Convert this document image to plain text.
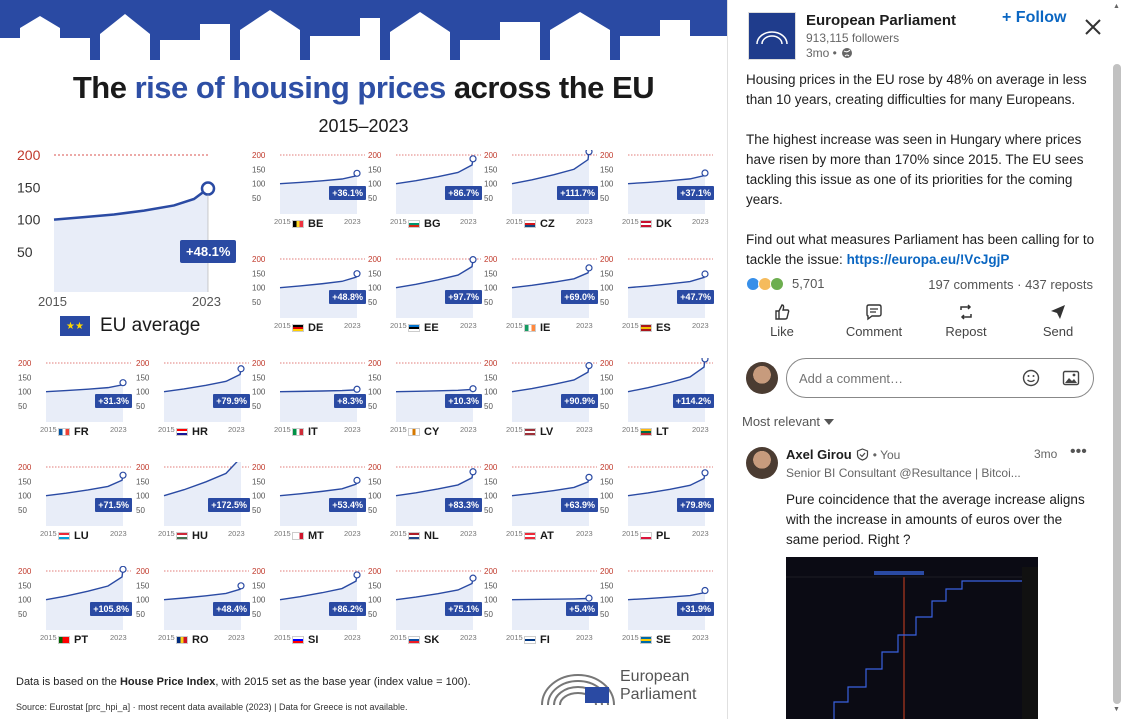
The rise of housing prices across the EU
2015–2023
200
150
100
50
2015	2023
+48.1%
★★ EU average
200
150
100
50
2015	2023
+36.1%
BE
200
150
100
50
2015	2023
+86.7%
BG
200
150
100
50
2015	2023
+111.7%
CZ
200
150
100
50
2015	2023
+37.1%
DK
200
150
100
50
2015	2023
+48.8%
DE
200
150
100
50
2015	2023
+97.7%
EE
200
150
100
50
2015	2023
+69.0%
IE
200
150
100
50
2015	2023
+47.7%
ES
200
150
100
50
2015	2023
+31.3%
FR
200
150
100
50
2015	2023
+79.9%
HR
200
150
100
50
2015	2023
+8.3%
IT
200
150
100
50
2015	2023
+10.3%
CY
200
150
100
50
2015	2023
+90.9%
LV
200
150
100
50
2015	2023
+114.2%
LT
200
150
100
50
2015	2023
+71.5%
LU
200
150
100
50
2015	2023
+172.5%
HU
200
150
100
50
2015	2023
+53.4%
MT
200
150
100
50
2015	2023
+83.3%
NL
200
150
100
50
2015	2023
+63.9%
AT
200
150
100
50
2015	2023
+79.8%
PL
200
150
100
50
2015	2023
+105.8%
PT
200
150
100
50
2015	2023
+48.4%
RO
200
150
100
50
2015	2023
+86.2%
SI
200
150
100
50
2015	2023
+75.1%
SK
200
150
100
50
2015	2023
+5.4%
FI
200
150
100
50
2015	2023
+31.9%
SE
Data is based on the House Price Index, with 2015 set as the base year (index value = 100).
Source: Eurostat [prc_hpi_a] · most recent data available (2023) | Data for Greece is not available.
European
Parliament
European Parliament
913,115 followers
3mo •
+ Follow

Housing prices in the EU rose by 48% on average in less than 10 years, creating difficulties for many Europeans.

The highest increase was seen in Hungary where prices have risen by more than 170% since 2015. The EU sees tackling this issue as one of its priorities for the coming years.

Find out what measures Parliament has been calling for to tackle the issue: https://europa.eu/!VcJgjP

5,701	197 comments · 437 reposts
Like	Comment	Repost	Send
Add a comment…
Most relevant
Axel Girou • You
Senior BI Consultant @Resultance | Bitcoi...
3mo •••
Pure coincidence that the average increase aligns with the increase in amounts of euros over the same period. Right ?
▲
▼
